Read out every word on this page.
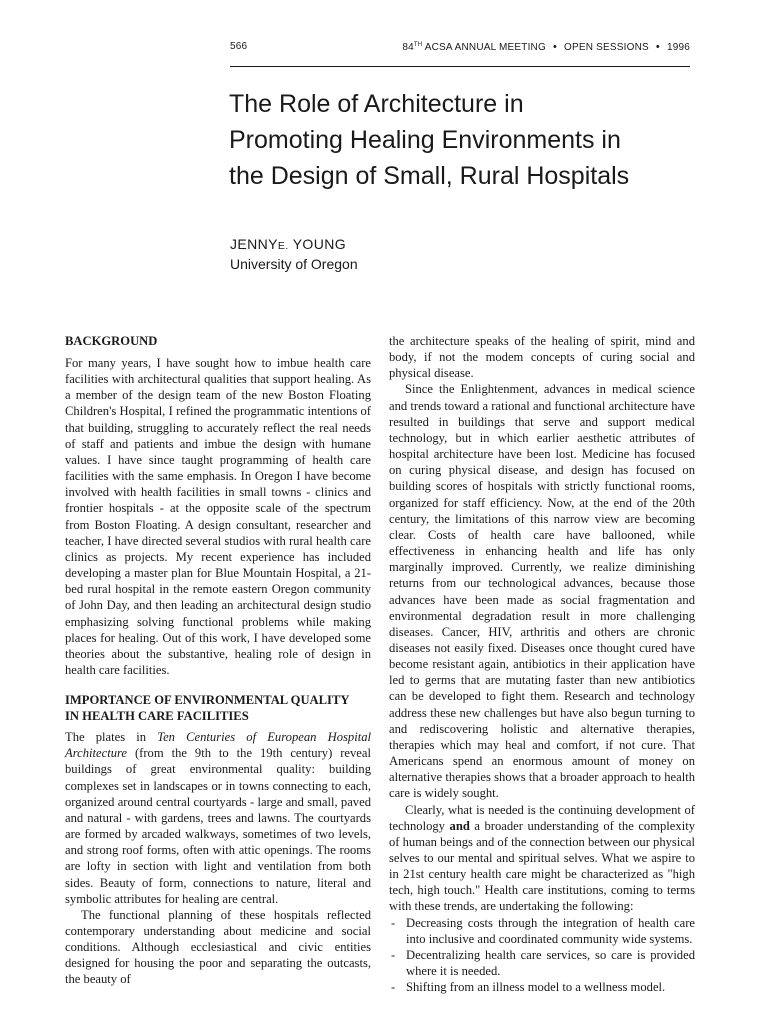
566	84TH ACSA ANNUAL MEETING • OPEN SESSIONS • 1996
The Role of Architecture in
Promoting Healing Environments in
the Design of Small, Rural Hospitals
JENNYE. YOUNG
University of Oregon
BACKGROUND

For many years, I have sought how to imbue health care facilities with architectural qualities that support healing. As a member of the design team of the new Boston Floating Children's Hospital, I refined the programmatic intentions of that building, struggling to accurately reflect the real needs of staff and patients and imbue the design with humane values. I have since taught programming of health care facilities with the same emphasis. In Oregon I have become involved with health facilities in small towns - clinics and frontier hospitals - at the opposite scale of the spectrum from Boston Floating. A design consultant, researcher and teacher, I have directed several studios with rural health care clinics as projects. My recent experience has included developing a master plan for Blue Mountain Hospital, a 21-bed rural hospital in the remote eastern Oregon community of John Day, and then leading an architectural design studio emphasizing solving functional problems while making places for healing. Out of this work, I have developed some theories about the substantive, healing role of design in health care facilities.

IMPORTANCE OF ENVIRONMENTAL QUALITY
IN HEALTH CARE FACILITIES

The plates in Ten Centuries of European Hospital Architecture (from the 9th to the 19th century) reveal buildings of great environmental quality: building complexes set in landscapes or in towns connecting to each, organized around central courtyards - large and small, paved and natural - with gardens, trees and lawns. The courtyards are formed by arcaded walkways, sometimes of two levels, and strong roof forms, often with attic openings. The rooms are lofty in section with light and ventilation from both sides. Beauty of form, connections to nature, literal and symbolic attributes for healing are central.

The functional planning of these hospitals reflected contemporary understanding about medicine and social conditions. Although ecclesiastical and civic entities designed for housing the poor and separating the outcasts, the beauty of

the architecture speaks of the healing of spirit, mind and body, if not the modem concepts of curing social and physical disease.

Since the Enlightenment, advances in medical science and trends toward a rational and functional architecture have resulted in buildings that serve and support medical technology, but in which earlier aesthetic attributes of hospital architecture have been lost. Medicine has focused on curing physical disease, and design has focused on building scores of hospitals with strictly functional rooms, organized for staff efficiency. Now, at the end of the 20th century, the limitations of this narrow view are becoming clear. Costs of health care have ballooned, while effectiveness in enhancing health and life has only marginally improved. Currently, we realize diminishing returns from our technological advances, because those advances have been made as social fragmentation and environmental degradation result in more challenging diseases. Cancer, HIV, arthritis and others are chronic diseases not easily fixed. Diseases once thought cured have become resistant again, antibiotics in their application have led to germs that are mutating faster than new antibiotics can be developed to fight them. Research and technology address these new challenges but have also begun turning to and rediscovering holistic and alternative therapies, therapies which may heal and comfort, if not cure. That Americans spend an enormous amount of money on alternative therapies shows that a broader approach to health care is widely sought.

Clearly, what is needed is the continuing development of technology and a broader understanding of the complexity of human beings and of the connection between our physical selves to our mental and spiritual selves. What we aspire to in 21st century health care might be characterized as "high tech, high touch." Health care institutions, coming to terms with these trends, are undertaking the following:

- Decreasing costs through the integration of health care into inclusive and coordinated community wide systems.
- Decentralizing health care services, so care is provided where it is needed.
- Shifting from an illness model to a wellness model.
